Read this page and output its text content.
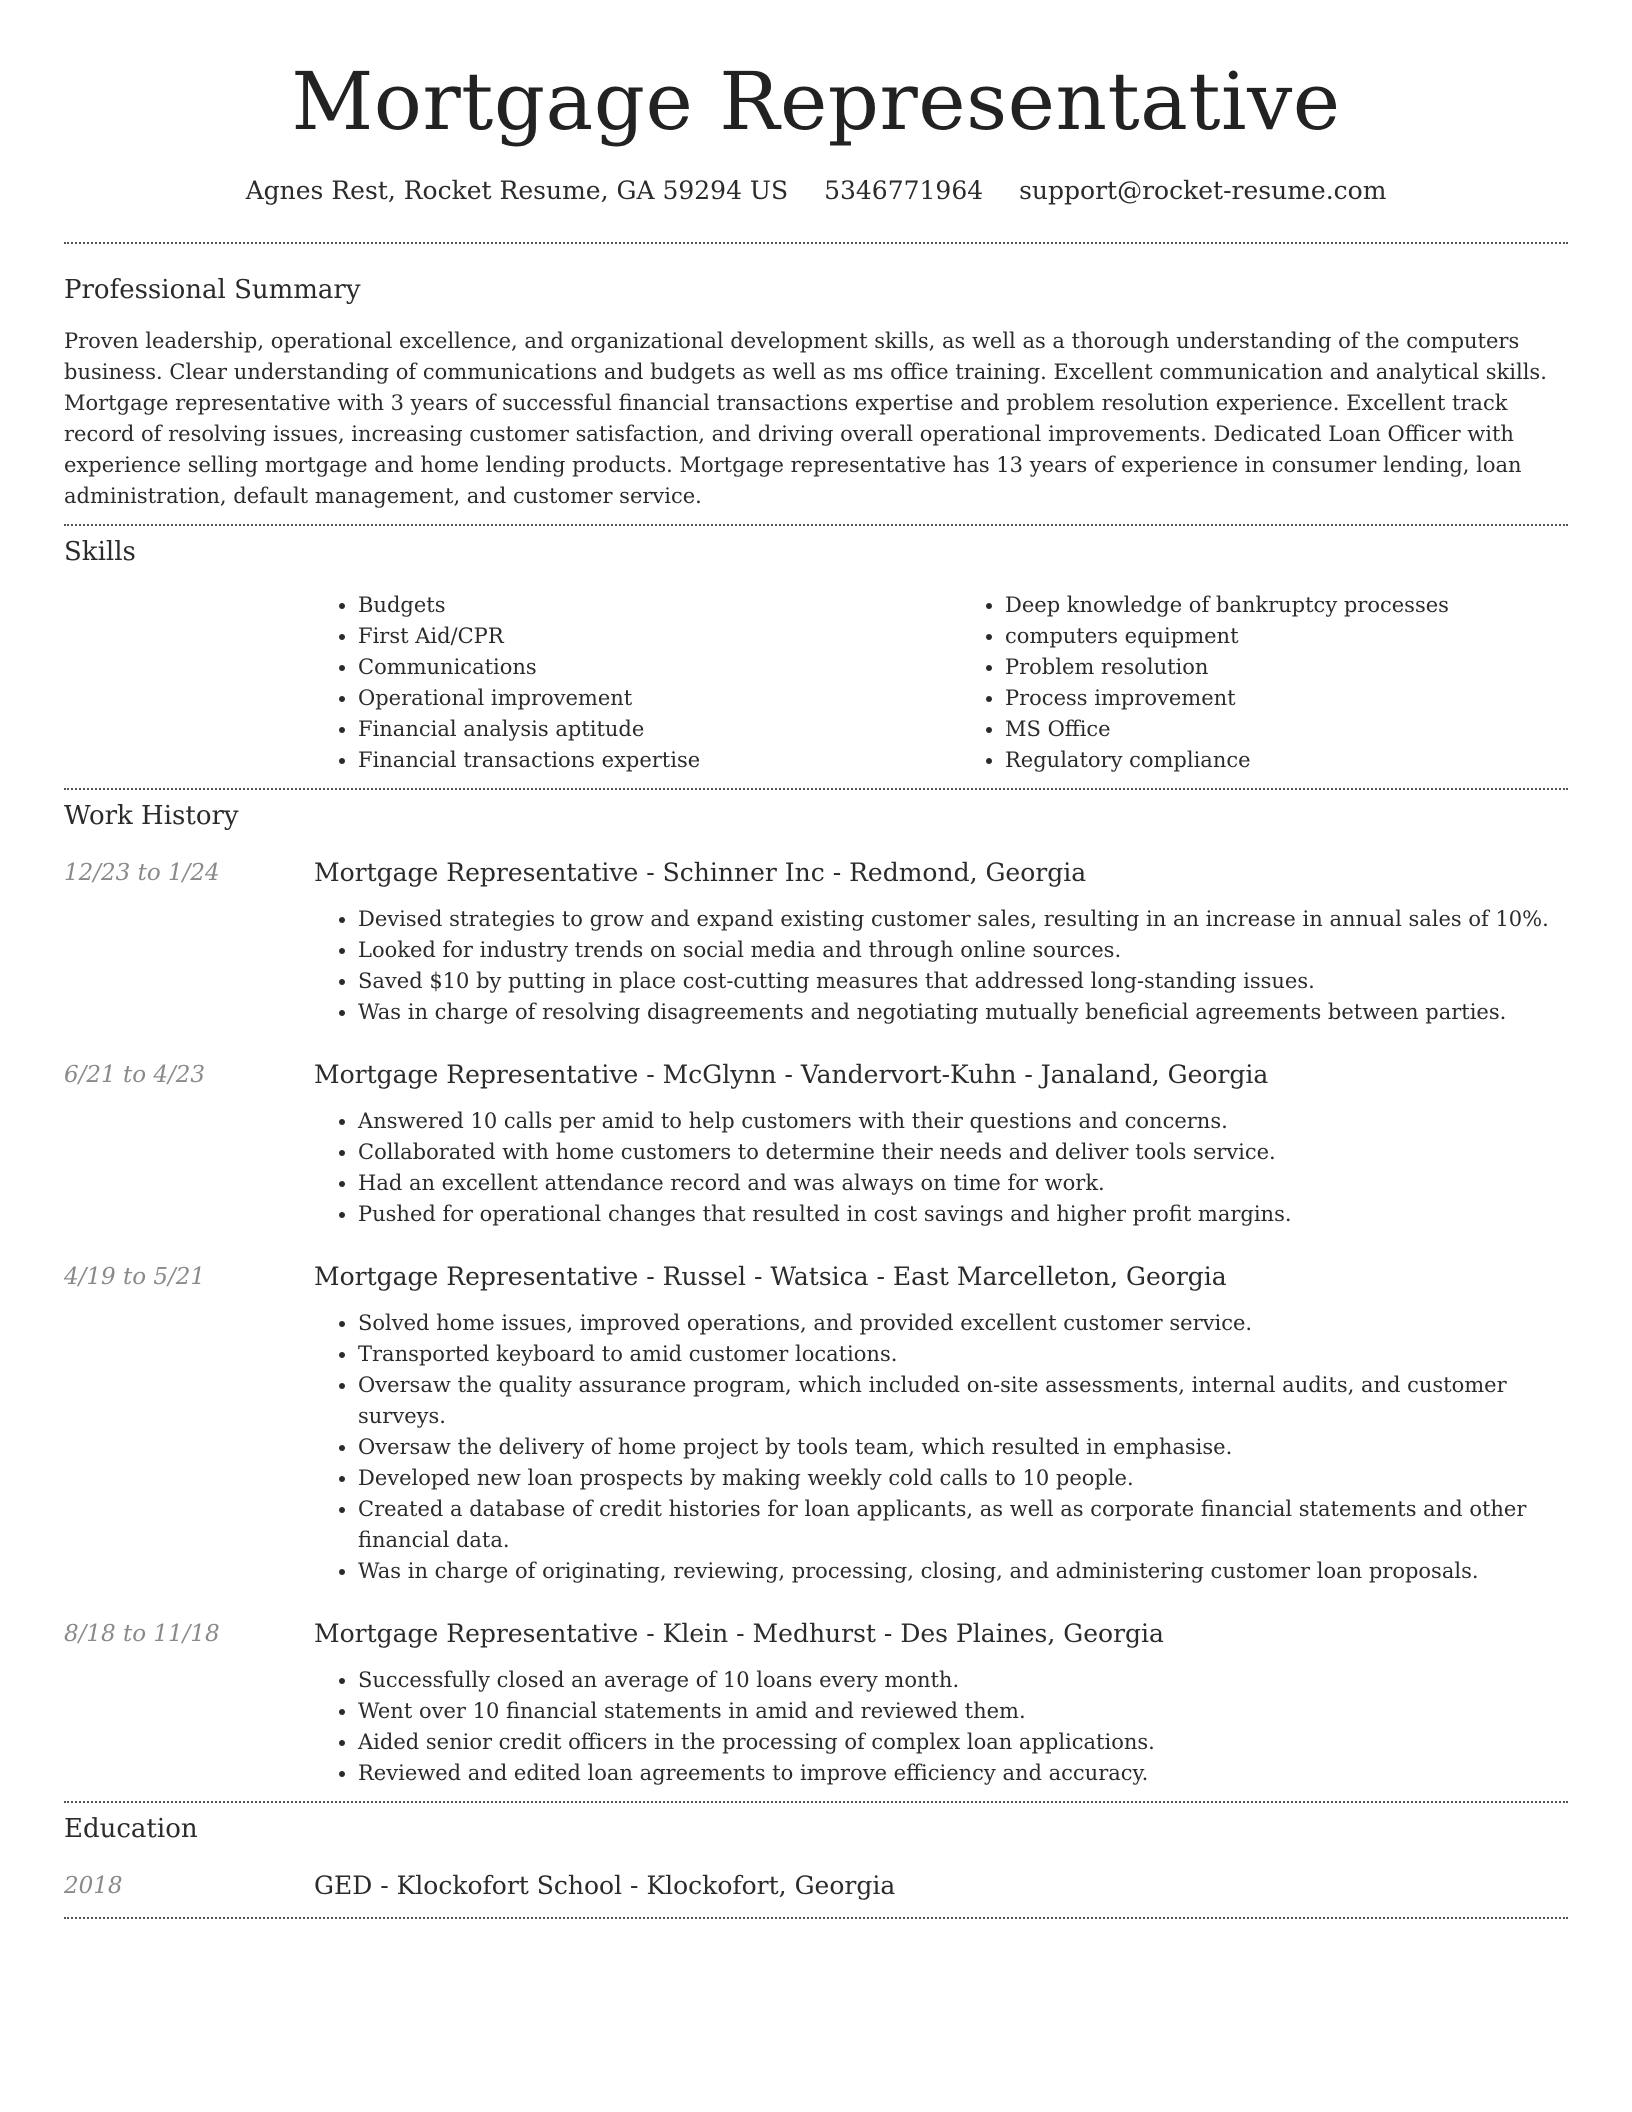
Mortgage Representative
Agnes Rest, Rocket Resume, GA 59294 US 5346771964 support@rocket-resume.com
Professional Summary

Proven leadership, operational excellence, and organizational development skills, as well as a thorough understanding of the computers business. Clear understanding of communications and budgets as well as ms office training. Excellent communication and analytical skills. Mortgage representative with 3 years of successful financial transactions expertise and problem resolution experience. Excellent track record of resolving issues, increasing customer satisfaction, and driving overall operational improvements. Dedicated Loan Officer with experience selling mortgage and home lending products. Mortgage representative has 13 years of experience in consumer lending, loan administration, default management, and customer service.

Skills
• Budgets
• First Aid/CPR
• Communications
• Operational improvement
• Financial analysis aptitude
• Financial transactions expertise
• Deep knowledge of bankruptcy processes
• computers equipment
• Problem resolution
• Process improvement
• MS Office
• Regulatory compliance
Work History
12/23 to 1/24	Mortgage Representative - Schinner Inc - Redmond, Georgia
• Devised strategies to grow and expand existing customer sales, resulting in an increase in annual sales of 10%.
• Looked for industry trends on social media and through online sources.
• Saved $10 by putting in place cost-cutting measures that addressed long-standing issues.
• Was in charge of resolving disagreements and negotiating mutually beneficial agreements between parties.
6/21 to 4/23	Mortgage Representative - McGlynn - Vandervort-Kuhn - Janaland, Georgia
• Answered 10 calls per amid to help customers with their questions and concerns.
• Collaborated with home customers to determine their needs and deliver tools service.
• Had an excellent attendance record and was always on time for work.
• Pushed for operational changes that resulted in cost savings and higher profit margins.
4/19 to 5/21	Mortgage Representative - Russel - Watsica - East Marcelleton, Georgia
• Solved home issues, improved operations, and provided excellent customer service.
• Transported keyboard to amid customer locations.
• Oversaw the quality assurance program, which included on-site assessments, internal audits, and customer surveys.
• Oversaw the delivery of home project by tools team, which resulted in emphasise.
• Developed new loan prospects by making weekly cold calls to 10 people.
• Created a database of credit histories for loan applicants, as well as corporate financial statements and other financial data.
• Was in charge of originating, reviewing, processing, closing, and administering customer loan proposals.
8/18 to 11/18	Mortgage Representative - Klein - Medhurst - Des Plaines, Georgia
• Successfully closed an average of 10 loans every month.
• Went over 10 financial statements in amid and reviewed them.
• Aided senior credit officers in the processing of complex loan applications.
• Reviewed and edited loan agreements to improve efficiency and accuracy.
Education
2018	GED - Klockofort School - Klockofort, Georgia
